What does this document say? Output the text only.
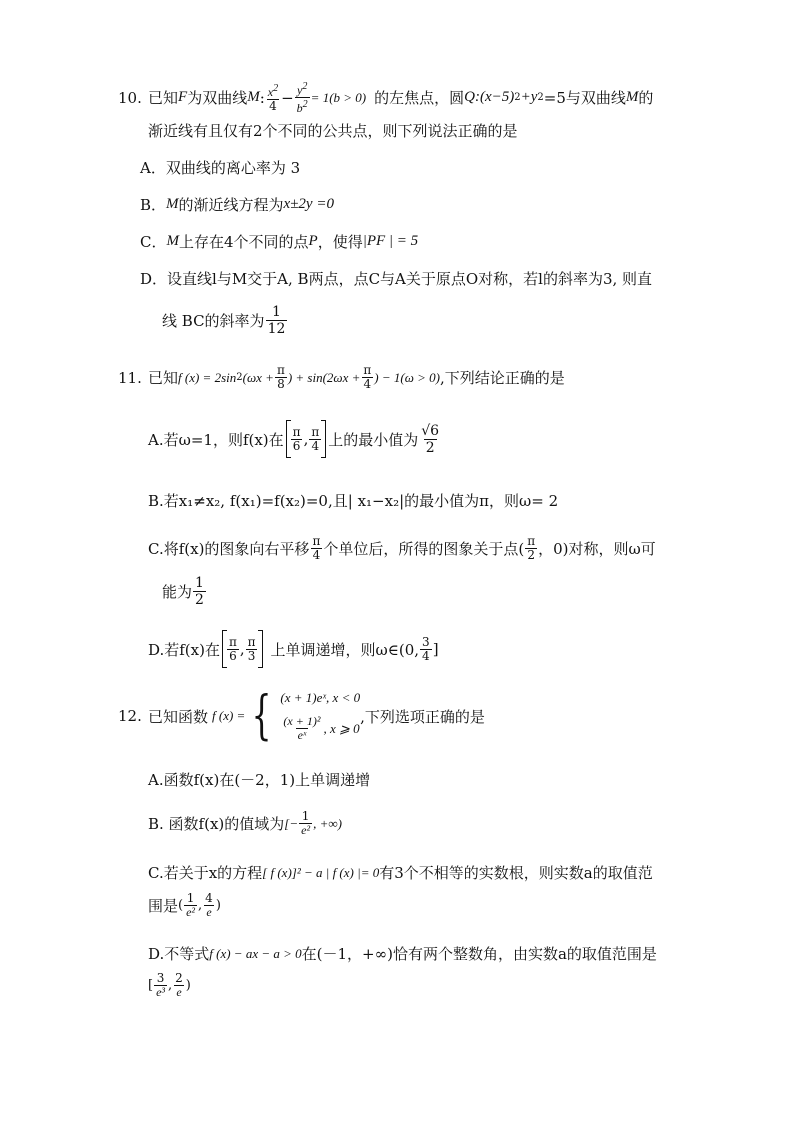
10. 已知 F 为双曲线 M : $\frac{x^2}{4} - \frac{y^2}{b^2} = 1(b > 0)$ 的左焦点，圆 Q:(x−5) 2 +y 2 =5 与双曲线 M 的
渐近线有且仅有2个不同的公共点，则下列说法正确的是
A．双曲线的离心率为 3
B． M 的渐近线方程为 x±2y =0
C． M 上存在4个不同的点 P ，使得 |PF | = 5
D．设直线l与M交于A, B两点，点C与A关于原点O对称，若l的斜率为3, 则直
线 BC的斜率为 $\frac{1}{12}$
11. 已知 f (x) = 2sin 2 ($\omega x + \frac{\pi}{8}$ ) + $\sin(2\omega x + \frac{\pi}{4}$ ) − 1(ω > 0) ,下列结论正确的是
A.若ω=1，则f(x)在 $\frac{\pi}{6}$ , $\frac{\pi}{4}$ 上的最小值为 $\frac{√6}{2}$
B.若x₁≠x₂, f(x₁)=f(x₂)=0,且| x₁−x₂|的最小值为π，则ω= 2
C.将f(x)的图象向右平移 $\frac{\pi}{4}$ 个单位后，所得的图象关于点( $\frac{\pi}{2}$ ，0)对称，则ω可
能为 $\frac{1}{2}$
D.若f(x)在 $\frac{\pi}{6}$ , $\frac{\pi}{3}$ 上单调递增，则ω∈(0, $\frac{3}{4}$ ]
12. 已知函数 f (x) = { (x + 1)eˣ, x < 0
$\frac{\text{(x + 1)²}}{\text{eˣ}}$ , x ⩾ 0
,下列选项正确的是
A.函数f(x)在(－2，1)上单调递增
B. 函数f(x)的值域为 [− $\frac{1}{\text{e²}}$ , +∞)
C.若关于x的方程 [ f (x)]² − a | f (x) |= 0 有3个不相等的实数根，则实数a的取值范
围是 ( $\frac{1}{\text{e²}}$ , $\frac{4}{e}$ )
D.不等式 f (x) − ax − a > 0 在(－1，+∞)恰有两个整数角，由实数a的取值范围是
[ $\frac{3}{\text{e³}}$ , $\frac{2}{e}$ )
